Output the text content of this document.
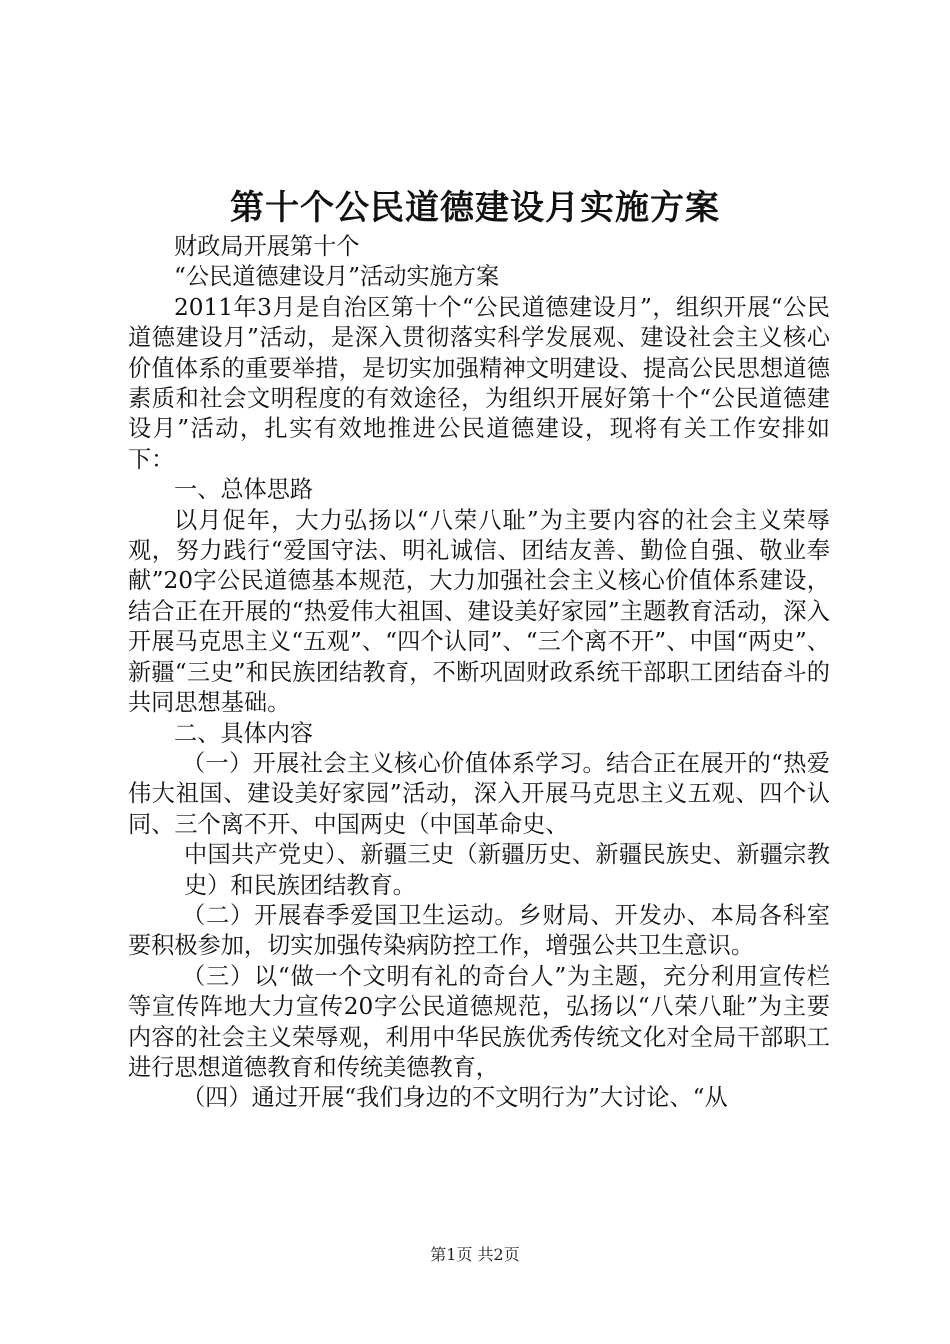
第十个公民道德建设月实施方案

财政局开展第十个

“公民道德建设月”活动实施方案

2011年3月是自治区第十个“公民道德建设月”，组织开展“公民道德建设月”活动，是深入贯彻落实科学发展观、建设社会主义核心价值体系的重要举措，是切实加强精神文明建设、提高公民思想道德素质和社会文明程度的有效途径，为组织开展好第十个“公民道德建设月”活动，扎实有效地推进公民道德建设，现将有关工作安排如下：

一、总体思路

以月促年，大力弘扬以“八荣八耻”为主要内容的社会主义荣辱观，努力践行“爱国守法、明礼诚信、团结友善、勤俭自强、敬业奉献”20字公民道德基本规范，大力加强社会主义核心价值体系建设，结合正在开展的“热爱伟大祖国、建设美好家园”主题教育活动，深入开展马克思主义“五观”、“四个认同”、“三个离不开”、中国“两史”、新疆“三史”和民族团结教育，不断巩固财政系统干部职工团结奋斗的共同思想基础。

二、具体内容

（一）开展社会主义核心价值体系学习。结合正在展开的“热爱伟大祖国、建设美好家园”活动，深入开展马克思主义五观、四个认同、三个离不开、中国两史（中国革命史、

中国共产党史）、新疆三史（新疆历史、新疆民族史、新疆宗教史）和民族团结教育。

（二）开展春季爱国卫生运动。乡财局、开发办、本局各科室要积极参加，切实加强传染病防控工作，增强公共卫生意识。

（三）以“做一个文明有礼的奇台人”为主题，充分利用宣传栏等宣传阵地大力宣传20字公民道德规范，弘扬以“八荣八耻”为主要内容的社会主义荣辱观，利用中华民族优秀传统文化对全局干部职工进行思想道德教育和传统美德教育，

（四）通过开展“我们身边的不文明行为”大讨论、“从

第1页 共2页
